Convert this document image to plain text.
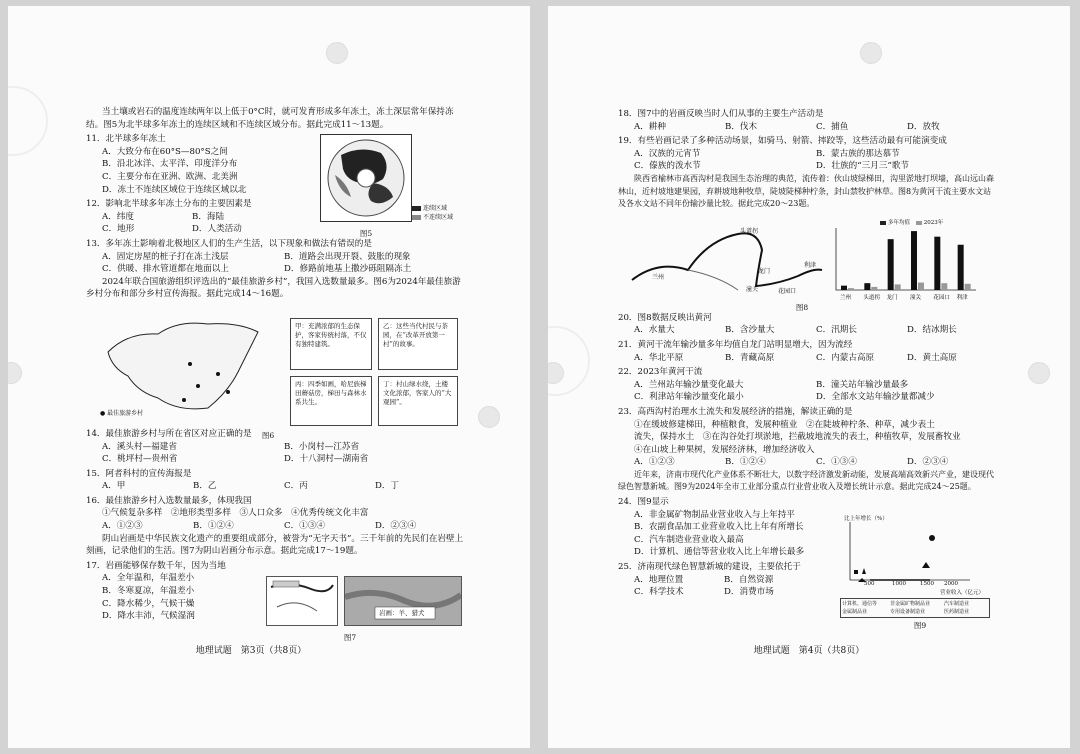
当土壤或岩石的温度连续两年以上低于0°C时，就可发育形成多年冻土，冻土深层常年保持冻结。图5为北半球多年冻土的连续区域和不连续区域分布。据此完成11～13题。
11．北半球多年冻土
A．大致分布在60°S—80°S之间
B．沿北冰洋、太平洋、印度洋分布
C．主要分布在亚洲、欧洲、北美洲
D．冻土不连续区域位于连续区域以北
12．影响北半球多年冻土分布的主要因素是
A．纬度	B．海陆
C．地形	D．人类活动
13．多年冻土影响着北极地区人们的生产生活，以下现象和做法有错误的是
A．固定房屋的桩子打在冻土浅层	B．道路会出现开裂、鼓胀的现象
C．供暖、排水管道都在地面以上	D．修路前地基上撒沙砾阻隔冻土
2024年联合国旅游组织评选出的“最佳旅游乡村”，我国入选数量最多。图6为2024年最佳旅游乡村分布和部分乡村宣传海报。据此完成14～16题。
14．最佳旅游乡村与所在省区对应正确的是
A．溪头村—福建省	B．小岗村—江苏省
C．桃坪村—贵州省	D．十八洞村—湖南省
15．阿者科村的宣传海报是
A．甲	B．乙	C．丙	D．丁
16．最佳旅游乡村入选数量最多，体现我国
①气候复杂多样　②地形类型多样　③人口众多　④优秀传统文化丰富
A．①②③	B．①②④	C．①③④	D．②③④
阴山岩画是中华民族文化遗产的重要组成部分，被誉为“无字天书”。三千年前的先民们在岩壁上刻画，记录他们的生活。图7为阴山岩画分布示意。据此完成17～19题。
17．岩画能够保存数千年，因为当地
A．全年温和，年温差小
B．冬寒夏凉，年温差小
C．降水稀少，气候干燥
D．降水丰沛，气候湿润
图5
连续区域
不连续区域
● 最佳旅游乡村
甲：充满浓郁的生态保护，客家传统村落，不仅有独特建筑。
乙：这些当代村民与茶园，在“改革开放第一村”的故事。
丙：四季如画，哈尼族梯田蘑菇房，梯田与森林水系共生。
丁：村山绿水绕，土楼文化浓郁，客家人的“大观园”。
图6
岩画：羊、猎犬
图7
地理试题　第3页（共8页）
18．图7中的岩画反映当时人们从事的主要生产活动是
A．耕种	B．伐木	C．捕鱼	D．放牧
19．有些岩画记录了多种活动场景，如骑马、射箭、摔跤等，这些活动最有可能演变成
A．汉族的元宵节	B．蒙古族的那达慕节
C．傣族的泼水节	D．壮族的“三月三”歌节
陕西省榆林市高西沟村是我国生态治理的典范，流传着：伙山坡绿梯田，沟里淤地打坝墙，高山远山森林山，近村坡地建果园，弃耕坡地种牧草，陡坡陡梯种柠条，封山禁牧护林草。图8为黄河干流主要水文站及各水文站不同年份输沙量比较。据此完成20～23题。
20．图8数据反映出黄河
A．水量大	B．含沙量大	C．汛期长	D．结冰期长
21．黄河干流年输沙量多年均值自龙门站明显增大，因为流经
A．华北平原	B．青藏高原	C．内蒙古高原	D．黄土高原
22．2023年黄河干流
A．兰州站年输沙量变化最大	B．潼关站年输沙量最多
C．利津站年输沙量变化最小	D．全部水文站年输沙量都减少
23．高西沟村治理水土流失和发展经济的措施，解读正确的是
①在缓坡修建梯田，种植粮食，发展种植业　②在陡坡种柠条、种草，减少表土
流失，保持水土　③在沟谷处打坝淤地，拦截坡地流失的表土，种植牧草，发展畜牧业
④在山坡上种果树，发展经济林，增加经济收入
A．①②③	B．①②④	C．①③④	D．②③④
近年来，济南市现代化产业体系不断壮大，以数字经济激发新动能，发展高端高效新兴产业，建设现代绿色智慧新城。图9为2024年全市工业部分重点行业营业收入及增长统计示意。据此完成24～25题。
24．图9显示
A．非金属矿物制品业营业收入与上年持平
B．农副食品加工业营业收入比上年有所增长
C．汽车制造业营业收入最高
D．计算机、通信等营业收入比上年增长最多
25．济南现代绿色智慧新城的建设，主要依托于
A．地理位置	B．自然资源
C．科学技术	D．消费市场
头道拐
兰州
龙门
潼关	花园口
利津
兰州 头道拐 龙门 潼关 花园口 利津
多年均值	2023年
图8
比上年增长（%）
500	1000	1500 2000
营业收入（亿元）
计算机、通信等	非金属矿物制品业	汽车制造业
金属制品业	专用设备制造业	医药制造业
图9
地理试题　第4页（共8页）
